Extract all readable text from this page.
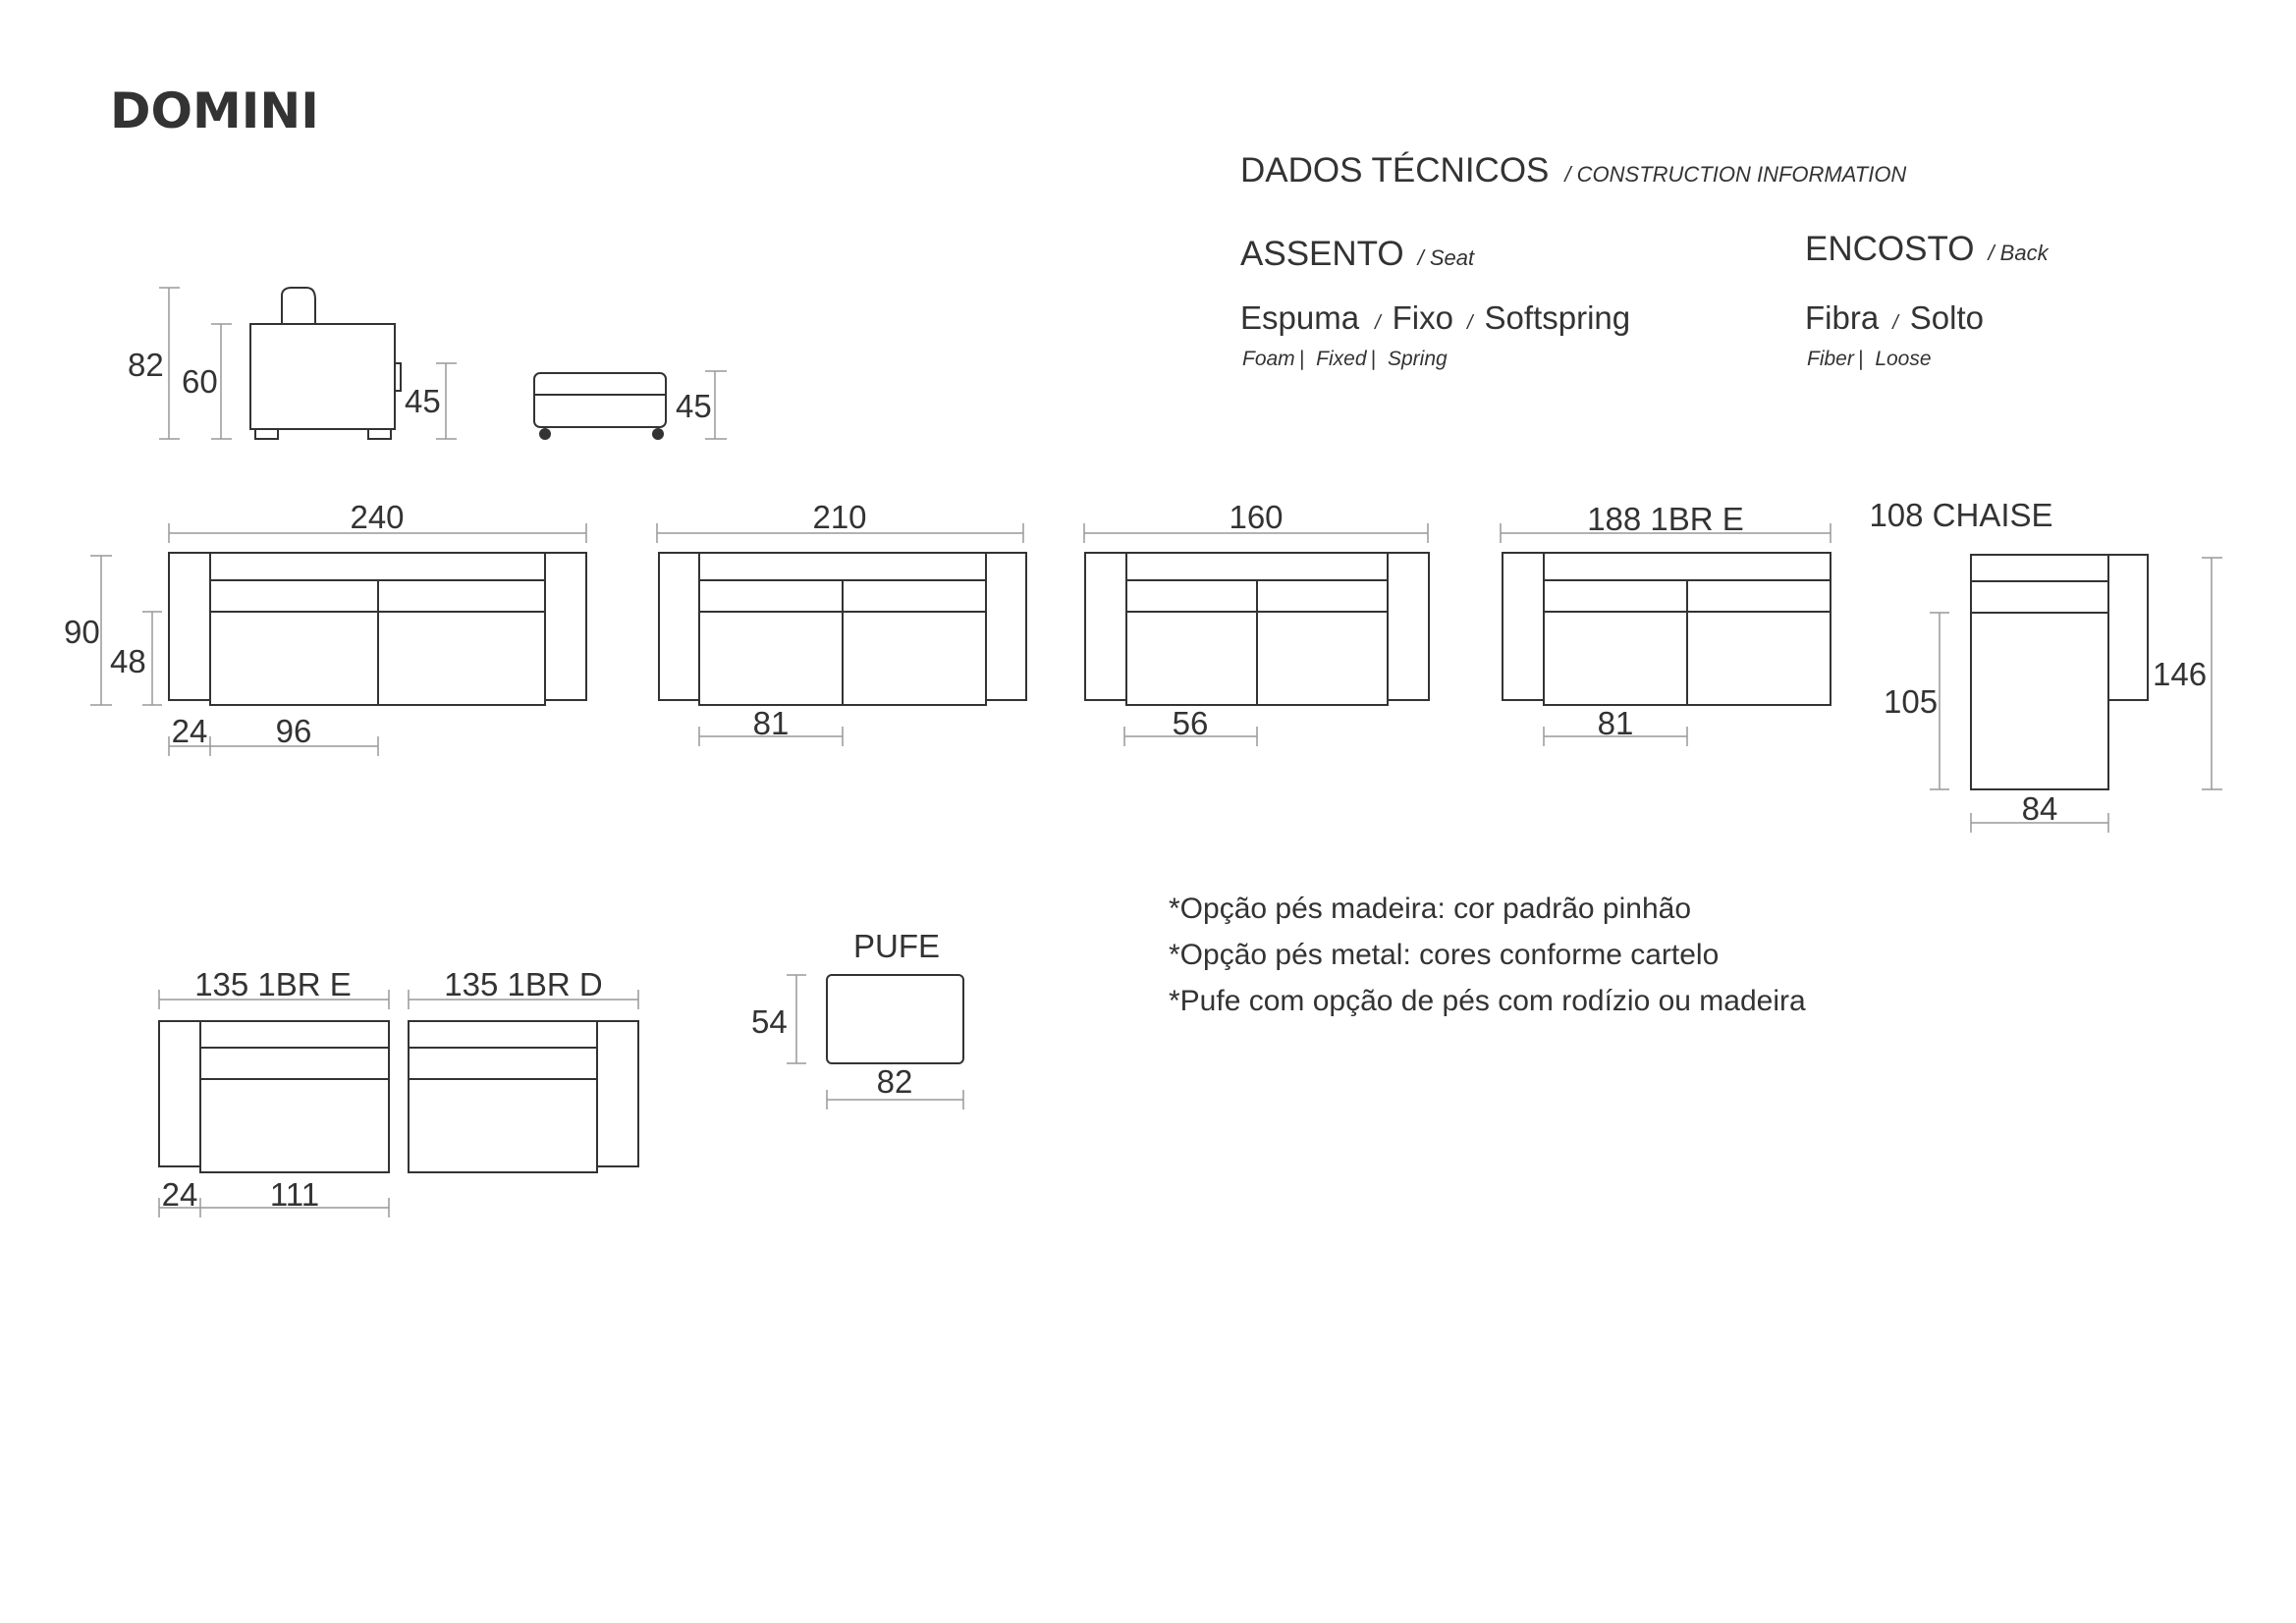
DOMINI
DADOS TÉCNICOS / CONSTRUCTION INFORMATION
ASSENTO / Seat
Espuma / Fixo / Softspring
Foam | Fixed | Spring
ENCOSTO / Back
Fibra / Solto
Fiber | Loose
82 60
45	45
240
90
48
24 96
210
81
160
56
188 1BR E
81
108 CHAISE
105
146
84
135 1BR E
24 111
135 1BR D
PUFE
54
82
*Opção pés madeira: cor padrão pinhão
*Opção pés metal: cores conforme cartelo
*Pufe com opção de pés com rodízio ou madeira
